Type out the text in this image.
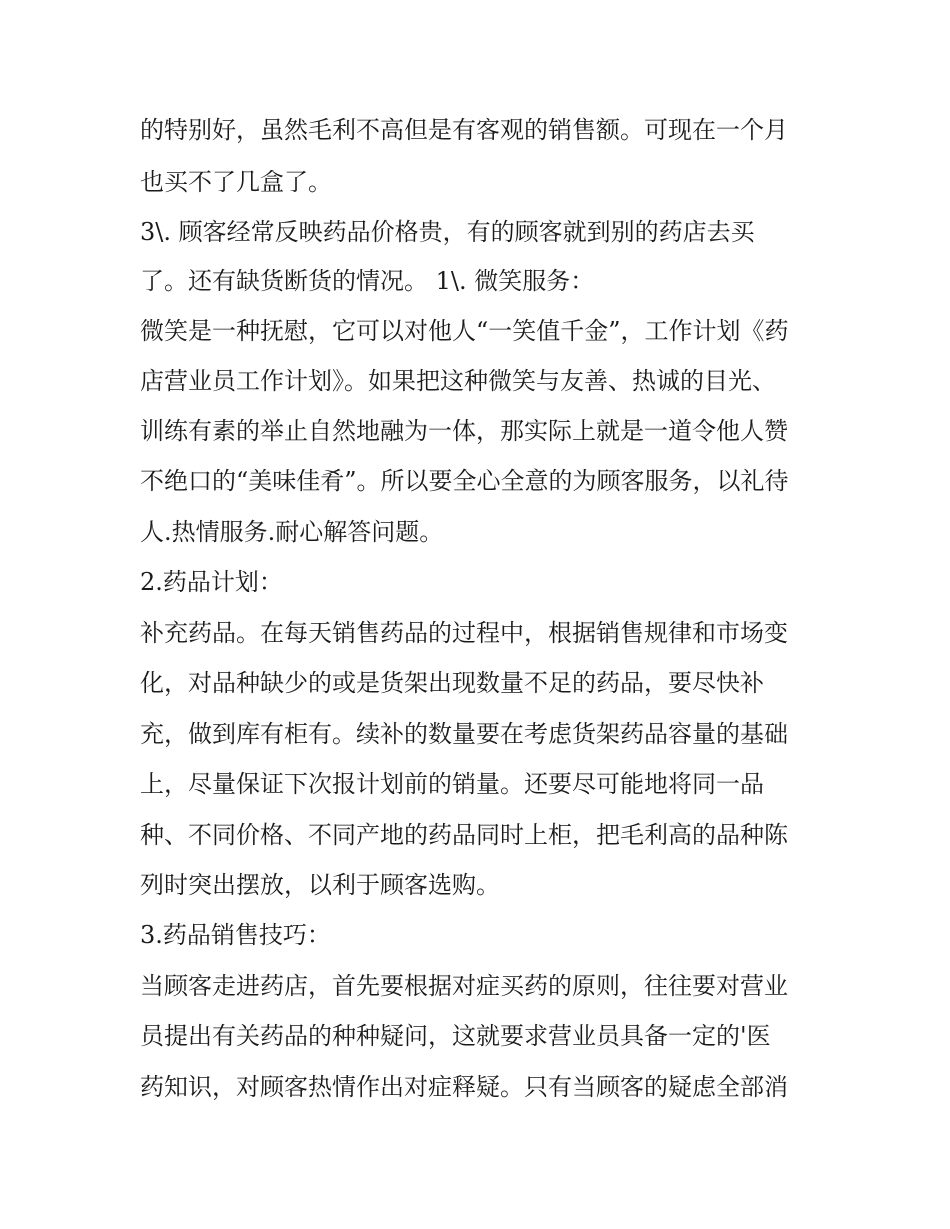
的特别好，虽然毛利不高但是有客观的销售额。可现在一个月
也买不了几盒了。
3\. 顾客经常反映药品价格贵，有的顾客就到别的药店去买
了。还有缺货断货的情况。 1\. 微笑服务：
微笑是一种抚慰，它可以对他人“一笑值千金”，工作计划《药
店营业员工作计划》。如果把这种微笑与友善、热诚的目光、
训练有素的举止自然地融为一体，那实际上就是一道令他人赞
不绝口的“美味佳肴”。所以要全心全意的为顾客服务，以礼待
人.热情服务.耐心解答问题。
2.药品计划：
补充药品。在每天销售药品的过程中，根据销售规律和市场变
化，对品种缺少的或是货架出现数量不足的药品，要尽快补
充，做到库有柜有。续补的数量要在考虑货架药品容量的基础
上，尽量保证下次报计划前的销量。还要尽可能地将同一品
种、不同价格、不同产地的药品同时上柜，把毛利高的品种陈
列时突出摆放，以利于顾客选购。
3.药品销售技巧：
当顾客走进药店，首先要根据对症买药的原则，往往要对营业
员提出有关药品的种种疑问，这就要求营业员具备一定的'医
药知识，对顾客热情作出对症释疑。只有当顾客的疑虑全部消
